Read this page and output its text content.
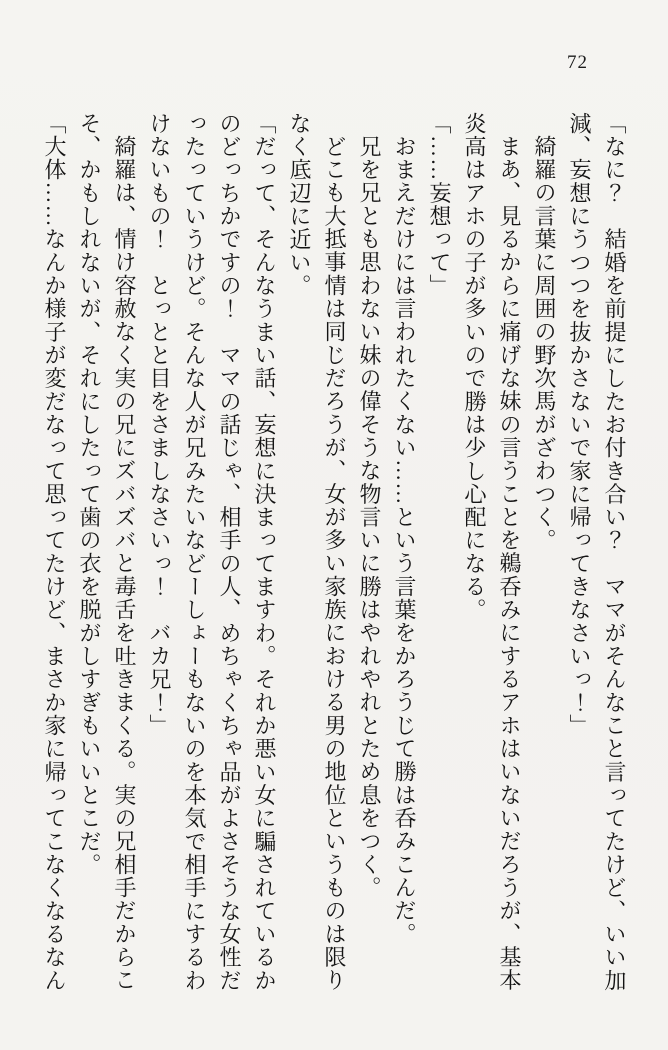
72
「なに？　結婚を前提にしたお付き合い？　ママがそんなこと言ってたけど、いい加
減、妄想にうつつを抜かさないで家に帰ってきなさいっ！」
綺羅の言葉に周囲の野次馬がざわつく。
まあ、見るからに痛げな妹の言うことを鵜呑みにするアホはいないだろうが、基本
炎高はアホの子が多いので勝は少し心配になる。
「……妄想って」
おまえだけには言われたくない……という言葉をかろうじて勝は呑みこんだ。
兄を兄とも思わない妹の偉そうな物言いに勝はやれやれとため息をつく。
どこも大抵事情は同じだろうが、女が多い家族における男の地位というものは限り
なく底辺に近い。
「だって、そんなうまい話、妄想に決まってますわ。それか悪い女に騙されているか
のどっちかですの！　ママの話じゃ、相手の人、めちゃくちゃ品がよさそうな女性だ
ったっていうけど。そんな人が兄みたいなどーしょーもないのを本気で相手にするわ
けないもの！　とっとと目をさましなさいっ！　バカ兄！」
綺羅は、情け容赦なく実の兄にズバズバと毒舌を吐きまくる。実の兄相手だからこ
そ、かもしれないが、それにしたって歯の衣を脱がしすぎもいいとこだ。
「大体……なんか様子が変だなって思ってたけど、まさか家に帰ってこなくなるなん
